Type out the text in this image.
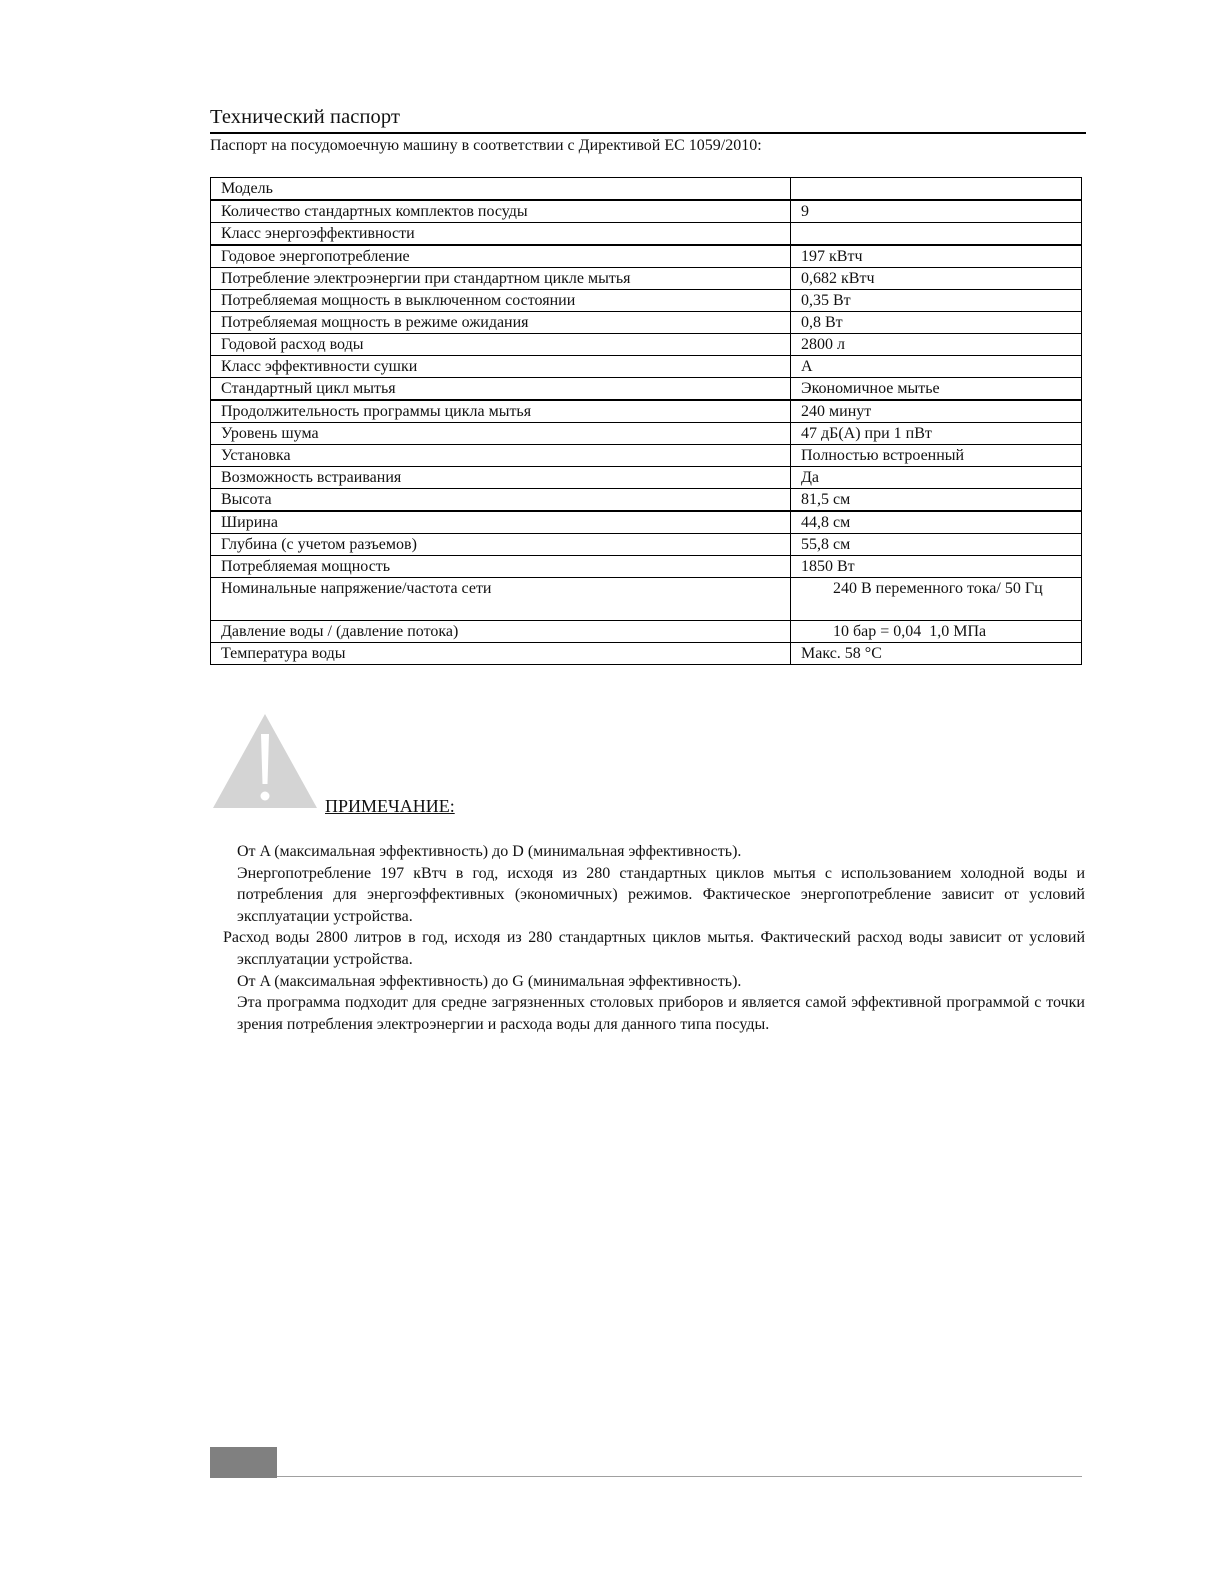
Технический паспорт
Паспорт на посудомоечную машину в соответствии с Директивой ЕС 1059/2010:
Модель	
Количество стандартных комплектов посуды	9
Класс энергоэффективности	
Годовое энергопотребление	197 кВтч
Потребление электроэнергии при стандартном цикле мытья	0,682 кВтч
Потребляемая мощность в выключенном состоянии	0,35 Вт
Потребляемая мощность в режиме ожидания	0,8 Вт
Годовой расход воды	2800 л
Класс эффективности сушки	A
Стандартный цикл мытья	Экономичное мытье
Продолжительность программы цикла мытья	240 минут
Уровень шума	47 дБ(А) при 1 пВт
Установка	Полностью встроенный
Возможность встраивания	Да
Высота	81,5 см
Ширина	44,8 см
Глубина (с учетом разъемов)	55,8 см
Потребляемая мощность	1850 Вт
Номинальные напряжение/частота сети	240 В переменного тока/ 50 Гц
Давление воды / (давление потока)	10 бар = 0,04  1,0 МПа
Температура воды	Макс. 58 °C
ПРИМЕЧАНИЕ:

От A (максимальная эффективность) до D (минимальная эффективность).

Энергопотребление 197 кВтч в год, исходя из 280 стандартных циклов мытья с использованием холодной воды и потребления для энергоэффективных (экономичных) режимов. Фактическое энергопотребление зависит от условий эксплуатации устройства.

Расход воды 2800 литров в год, исходя из 280 стандартных циклов мытья. Фактический расход воды зависит от условий эксплуатации устройства.

От A (максимальная эффективность) до G (минимальная эффективность).

Эта программа подходит для средне загрязненных столовых приборов и является самой эффективной программой с точки зрения потребления электроэнергии и расхода воды для данного типа посуды.
